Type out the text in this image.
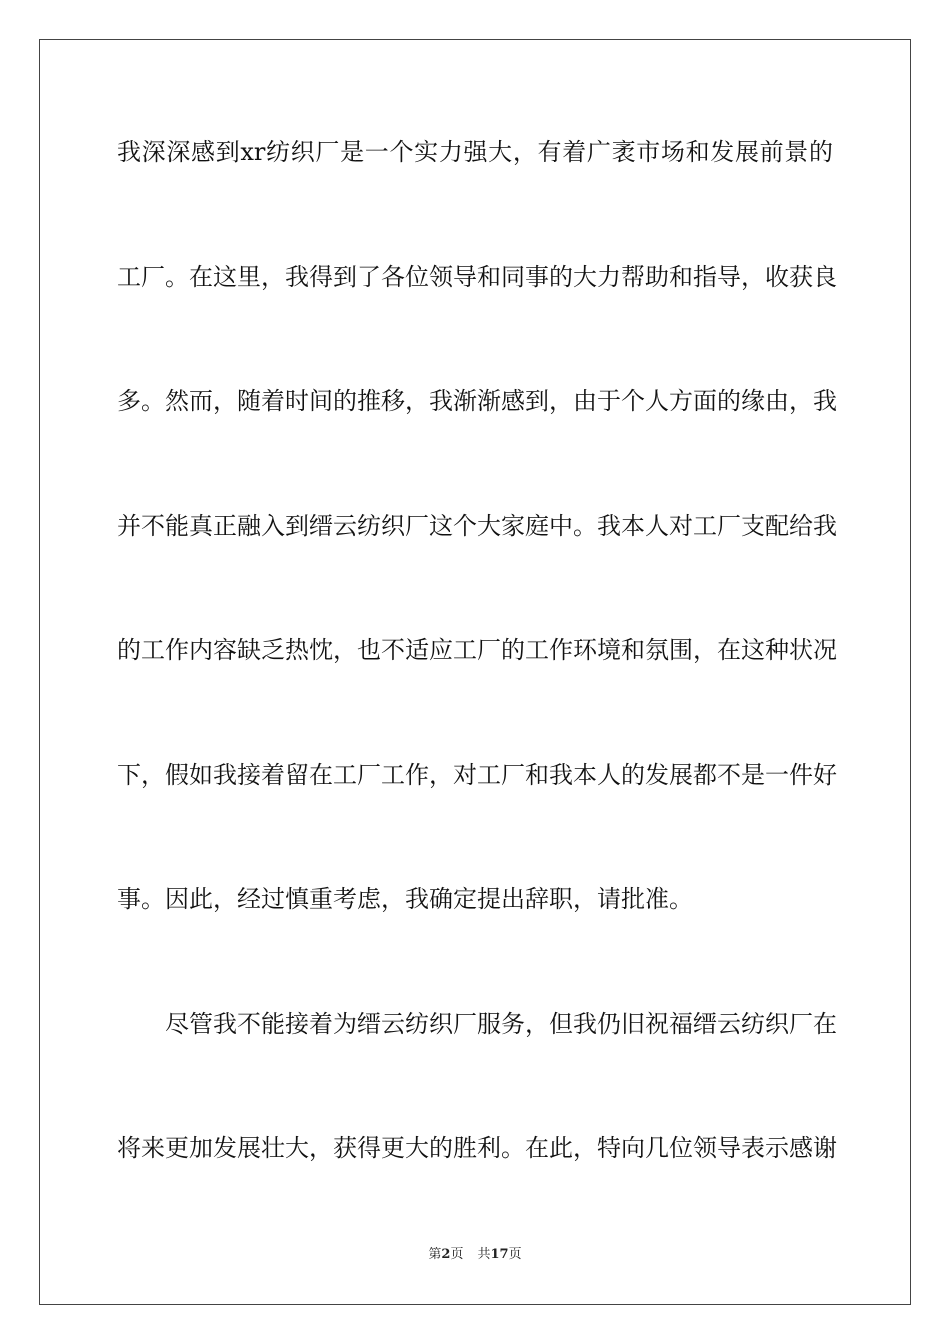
我深深感到xr纺织厂是一个实力强大，有着广袤市场和发展前景的
工厂。在这里，我得到了各位领导和同事的大力帮助和指导，收获良
多。然而，随着时间的推移，我渐渐感到，由于个人方面的缘由，我
并不能真正融入到缙云纺织厂这个大家庭中。我本人对工厂支配给我
的工作内容缺乏热忱，也不适应工厂的工作环境和氛围，在这种状况
下，假如我接着留在工厂工作，对工厂和我本人的发展都不是一件好
事。因此，经过慎重考虑，我确定提出辞职，请批准。
尽管我不能接着为缙云纺织厂服务，但我仍旧祝福缙云纺织厂在
将来更加发展壮大，获得更大的胜利。在此，特向几位领导表示感谢
第2页 共17页
